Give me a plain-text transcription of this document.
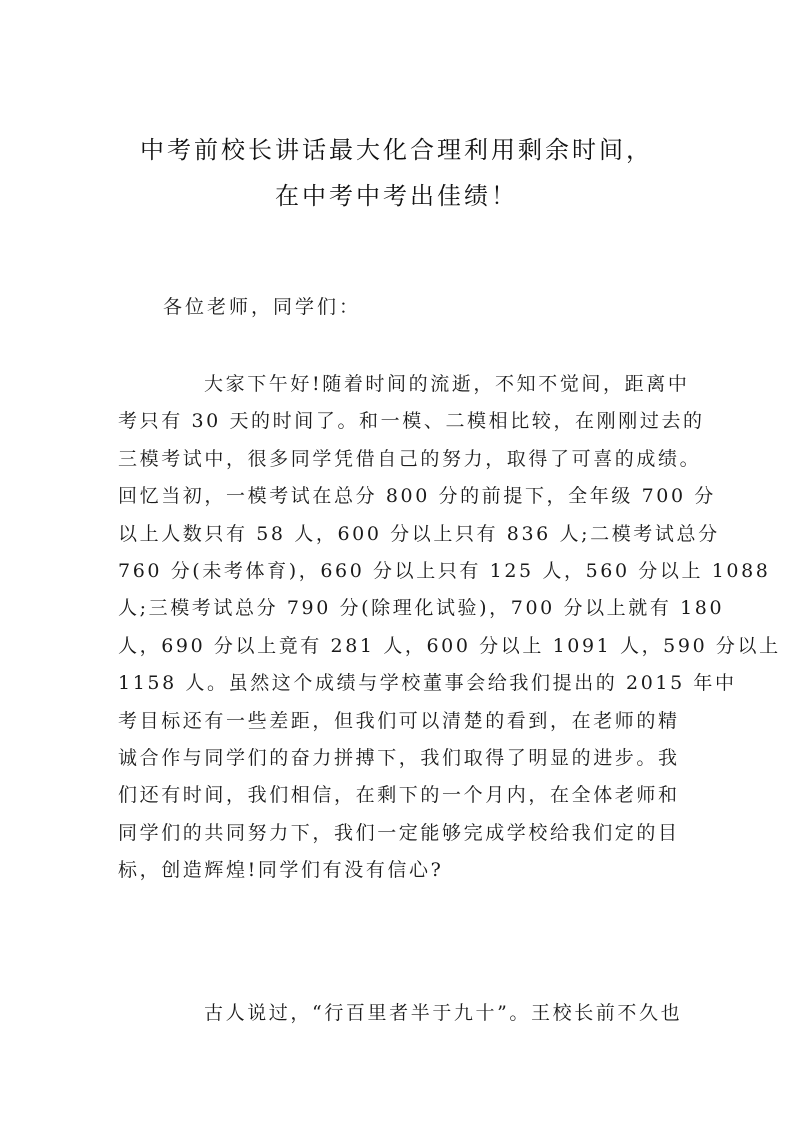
中考前校长讲话最大化合理利用剩余时间，
在中考中考出佳绩！
各位老师，同学们：
大家下午好!随着时间的流逝，不知不觉间，距离中
考只有 30 天的时间了。和一模、二模相比较，在刚刚过去的
三模考试中，很多同学凭借自己的努力，取得了可喜的成绩。
回忆当初，一模考试在总分 800 分的前提下，全年级 700 分
以上人数只有 58 人，600 分以上只有 836 人;二模考试总分
760 分(未考体育)，660 分以上只有 125 人，560 分以上 1088
人;三模考试总分 790 分(除理化试验)，700 分以上就有 180
人，690 分以上竟有 281 人，600 分以上 1091 人，590 分以上
1158 人。虽然这个成绩与学校董事会给我们提出的 2015 年中
考目标还有一些差距，但我们可以清楚的看到，在老师的精
诚合作与同学们的奋力拼搏下，我们取得了明显的进步。我
们还有时间，我们相信，在剩下的一个月内，在全体老师和
同学们的共同努力下，我们一定能够完成学校给我们定的目
标，创造辉煌!同学们有没有信心?
古人说过，“行百里者半于九十”。王校长前不久也
